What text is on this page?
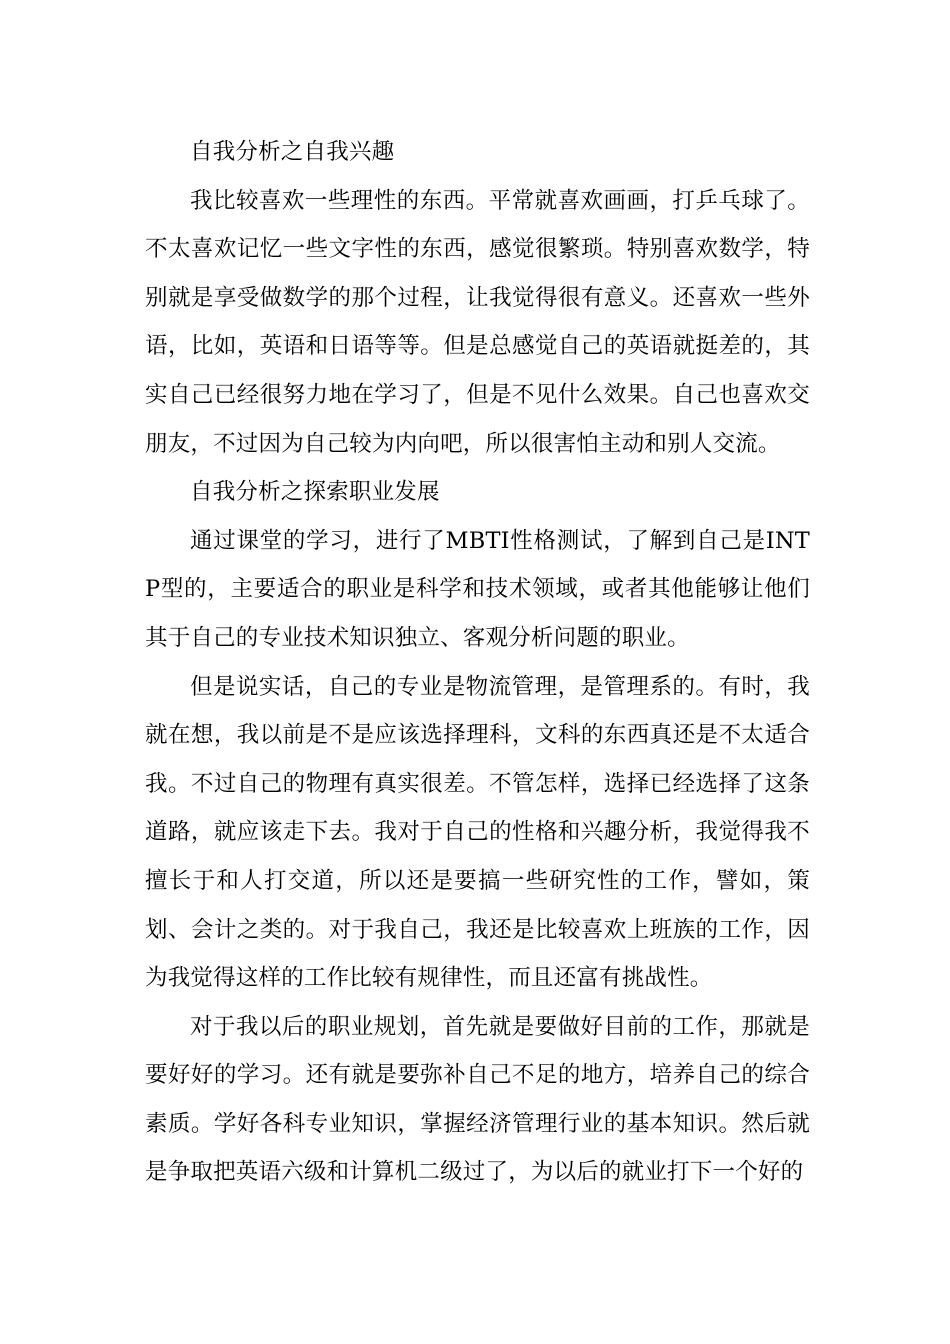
自我分析之自我兴趣

我比较喜欢一些理性的东西。平常就喜欢画画，打乒乓球了。不太喜欢记忆一些文字性的东西，感觉很繁琐。特别喜欢数学，特别就是享受做数学的那个过程，让我觉得很有意义。还喜欢一些外语，比如，英语和日语等等。但是总感觉自己的英语就挺差的，其实自己已经很努力地在学习了，但是不见什么效果。自己也喜欢交朋友，不过因为自己较为内向吧，所以很害怕主动和别人交流。

自我分析之探索职业发展

通过课堂的学习，进行了MBTI性格测试，了解到自己是INTP型的，主要适合的职业是科学和技术领域，或者其他能够让他们其于自己的专业技术知识独立、客观分析问题的职业。

但是说实话，自己的专业是物流管理，是管理系的。有时，我就在想，我以前是不是应该选择理科，文科的东西真还是不太适合我。不过自己的物理有真实很差。不管怎样，选择已经选择了这条道路，就应该走下去。我对于自己的性格和兴趣分析，我觉得我不擅长于和人打交道，所以还是要搞一些研究性的工作，譬如，策划、会计之类的。对于我自己，我还是比较喜欢上班族的工作，因为我觉得这样的工作比较有规律性，而且还富有挑战性。

对于我以后的职业规划，首先就是要做好目前的工作，那就是要好好的学习。还有就是要弥补自己不足的地方，培养自己的综合素质。学好各科专业知识，掌握经济管理行业的基本知识。然后就是争取把英语六级和计算机二级过了，为以后的就业打下一个好的
